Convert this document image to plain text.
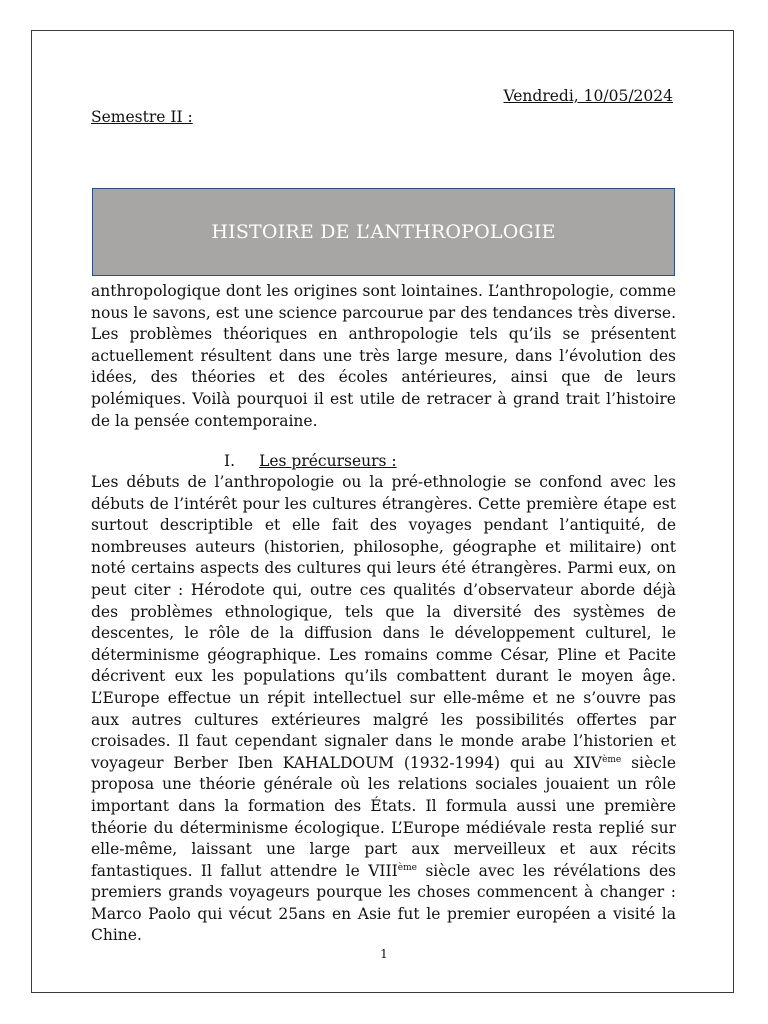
Vendredi, 10/05/2024
Semestre II :
HISTOIRE DE L’ANTHROPOLOGIE

anthropologique dont les origines sont lointaines. L’anthropologie, comme nous le savons, est une science parcourue par des tendances très diverse. Les problèmes théoriques en anthropologie tels qu’ils se présentent actuellement résultent dans une très large mesure, dans l’évolution des idées, des théories et des écoles antérieures, ainsi que de leurs polémiques. Voilà pourquoi il est utile de retracer à grand trait l’histoire de la pensée contemporaine.

I. Les précurseurs :

Les débuts de l’anthropologie ou la pré-ethnologie se confond avec les débuts de l’intérêt pour les cultures étrangères. Cette première étape est surtout descriptible et elle fait des voyages pendant l’antiquité, de nombreuses auteurs (historien, philosophe, géographe et militaire) ont noté certains aspects des cultures qui leurs été étrangères. Parmi eux, on peut citer : Hérodote qui, outre ces qualités d’observateur aborde déjà des problèmes ethnologique, tels que la diversité des systèmes de descentes, le rôle de la diffusion dans le développement culturel, le déterminisme géographique. Les romains comme César, Pline et Pacite décrivent eux les populations qu’ils combattent durant le moyen âge. L’Europe effectue un répit intellectuel sur elle-même et ne s’ouvre pas aux autres cultures extérieures malgré les possibilités offertes par croisades. Il faut cependant signaler dans le monde arabe l’historien et voyageur Berber Iben KAHALDOUM (1932-1994) qui au XIVème siècle proposa une théorie générale où les relations sociales jouaient un rôle important dans la formation des États. Il formula aussi une première théorie du déterminisme écologique. L’Europe médiévale resta replié sur elle-même, laissant une large part aux merveilleux et aux récits fantastiques. Il fallut attendre le VIIIème siècle avec les révélations des premiers grands voyageurs pourque les choses commencent à changer : Marco Paolo qui vécut 25ans en Asie fut le premier européen a visité la Chine.

1
